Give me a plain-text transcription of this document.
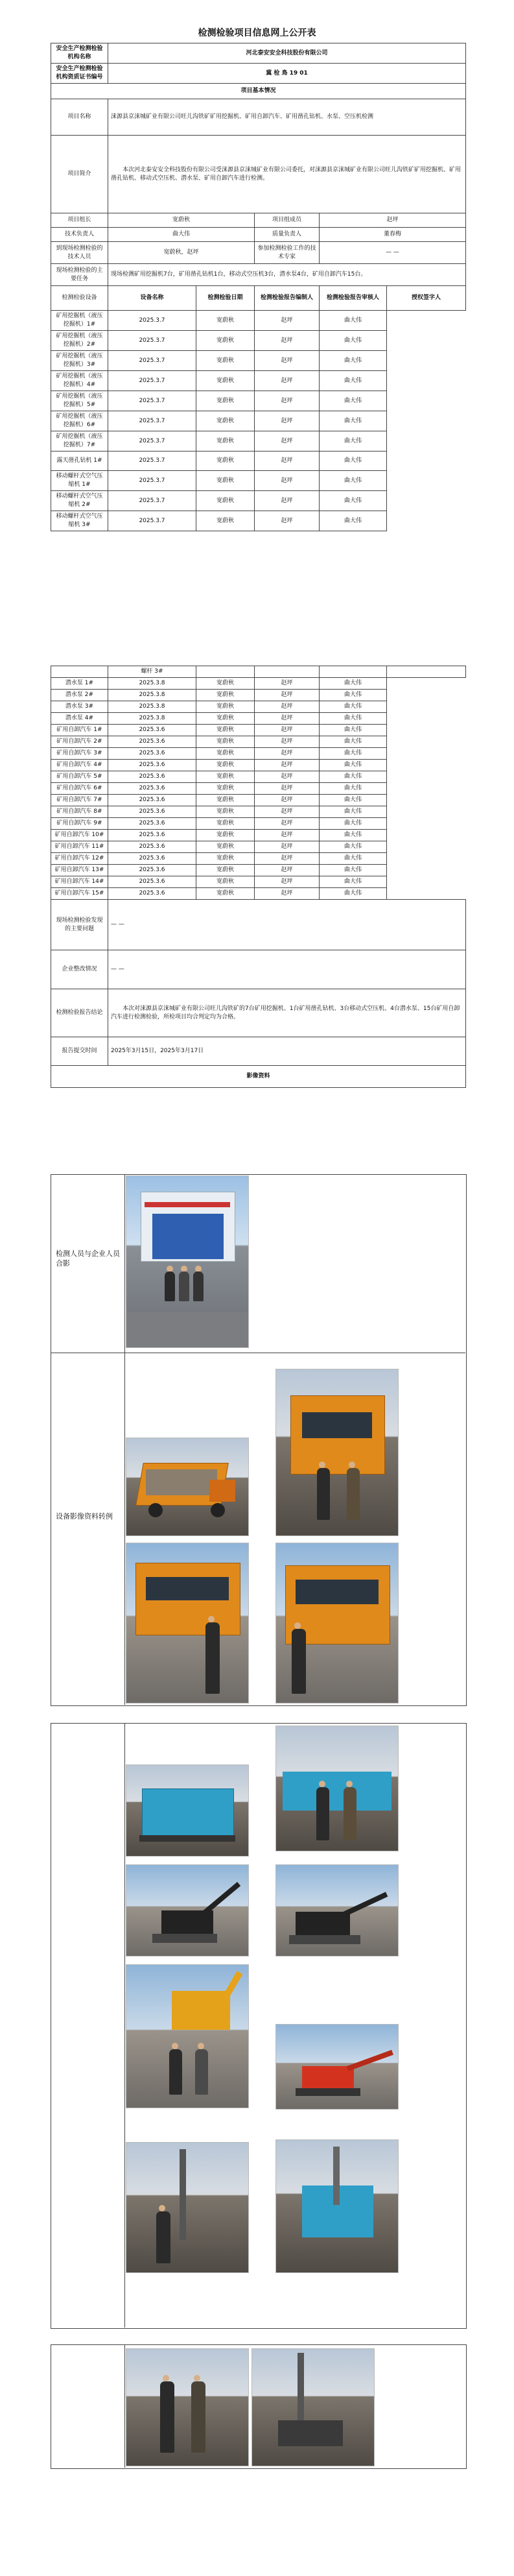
检测检验项目信息网上公开表
安全生产检测检验机构名称	河北泰安安全科技股份有限公司				
安全生产检测检验机构资质证书编号	冀 检 ⿃ 19 01				
项目基本情况					
项目名称	涞源县京涞城矿业有限公司旺儿沟铁矿矿用挖掘机、矿用自卸汽车、矿用凿孔钻机、水泵、空压机检测				
项目简介	本次河北泰安安全科技股份有限公司受涞源县京涞城矿业有限公司委托，对涞源县京涞城矿业有限公司旺儿沟铁矿矿用挖掘机、矿用凿孔钻机、移动式空压机、潜水泵、矿用自卸汽车进行检测。				
项目组长	宽蔚秋		项目组成员	赵坪	
技术负责人	曲大伟		质量负责人	董春梅	
到现场检测检验的技术人员	宽蔚秋，赵坪		参加检测检验工作的技术专家	— —	
现场检测检验的主要任务	现场检测矿用挖掘机7台，矿用凿孔钻机1台，移动式空压机3台，潜水泵4台，矿用自卸汽车15台。				
检测检验设备	设备名称	检测检验日期	检测检验报告编制人	检测检验报告审核人	授权签字人
矿用挖掘机（液压挖掘机）1#	2025.3.7	宽蔚秋	赵坪	曲大伟	
矿用挖掘机（液压挖掘机）2#	2025.3.7	宽蔚秋	赵坪	曲大伟	
矿用挖掘机（液压挖掘机）3#	2025.3.7	宽蔚秋	赵坪	曲大伟	
矿用挖掘机（液压挖掘机）4#	2025.3.7	宽蔚秋	赵坪	曲大伟	
矿用挖掘机（液压挖掘机）5#	2025.3.7	宽蔚秋	赵坪	曲大伟	
矿用挖掘机（液压挖掘机）6#	2025.3.7	宽蔚秋	赵坪	曲大伟	
矿用挖掘机（液压挖掘机）7#	2025.3.7	宽蔚秋	赵坪	曲大伟	
露天凿孔钻机 1#	2025.3.7	宽蔚秋	赵坪	曲大伟	
移动螺杆式空气压缩机 1#	2025.3.7	宽蔚秋	赵坪	曲大伟	
移动螺杆式空气压缩机 2#	2025.3.7	宽蔚秋	赵坪	曲大伟	
移动螺杆式空气压缩机 3#	2025.3.7	宽蔚秋	赵坪	曲大伟	
	螺杆 3#				
潜水泵 1#	2025.3.8	宽蔚秋	赵坪	曲大伟	
潜水泵 2#	2025.3.8	宽蔚秋	赵坪	曲大伟	
潜水泵 3#	2025.3.8	宽蔚秋	赵坪	曲大伟	
潜水泵 4#	2025.3.8	宽蔚秋	赵坪	曲大伟	
矿用自卸汽车 1#	2025.3.6	宽蔚秋	赵坪	曲大伟	
矿用自卸汽车 2#	2025.3.6	宽蔚秋	赵坪	曲大伟	
矿用自卸汽车 3#	2025.3.6	宽蔚秋	赵坪	曲大伟	
矿用自卸汽车 4#	2025.3.6	宽蔚秋	赵坪	曲大伟	
矿用自卸汽车 5#	2025.3.6	宽蔚秋	赵坪	曲大伟	
矿用自卸汽车 6#	2025.3.6	宽蔚秋	赵坪	曲大伟	
矿用自卸汽车 7#	2025.3.6	宽蔚秋	赵坪	曲大伟	
矿用自卸汽车 8#	2025.3.6	宽蔚秋	赵坪	曲大伟	
矿用自卸汽车 9#	2025.3.6	宽蔚秋	赵坪	曲大伟	
矿用自卸汽车 10#	2025.3.6	宽蔚秋	赵坪	曲大伟	
矿用自卸汽车 11#	2025.3.6	宽蔚秋	赵坪	曲大伟	
矿用自卸汽车 12#	2025.3.6	宽蔚秋	赵坪	曲大伟	
矿用自卸汽车 13#	2025.3.6	宽蔚秋	赵坪	曲大伟	
矿用自卸汽车 14#	2025.3.6	宽蔚秋	赵坪	曲大伟	
矿用自卸汽车 15#	2025.3.6	宽蔚秋	赵坪	曲大伟	
现场检测检验发现的主要问题	— —				
企业整改情况	— —				
检测检验报告结论	本次对涞源县京涞城矿业有限公司旺儿沟铁矿的7台矿用挖掘机、1台矿用凿孔钻机、3台移动式空压机、4台潜水泵、15台矿用自卸汽车进行检测检验，所检项目均合判定均为合格。				
报告提交时间	2025年3月15日，2025年3月17日				
影像资料					
检测人员与企业人员合影
设备影像资料转例
